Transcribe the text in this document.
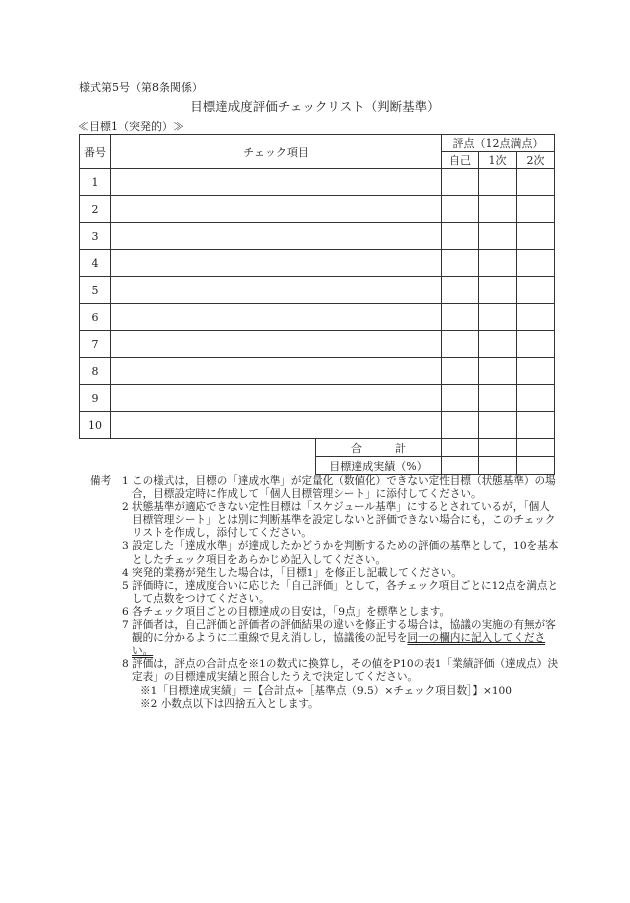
様式第5号（第8条関係）
目標達成度評価チェックリスト（判断基準）
≪目標1（突発的）≫
番号	チェック項目		評点（12点満点）		
			自己	1次	2次
1					
2					
3					
4					
5					
6					
7					
8					
9					
10					
		合　　　計			
		目標達成実績（%）			
備考	1 この様式は，目標の「達成水準」が定量化（数値化）できない定性目標（状態基準）の場合，目標設定時に作成して「個人目標管理シート」に添付してください。
2 状態基準が適応できない定性目標は「スケジュール基準」にするとされているが，「個人目標管理シート」とは別に判断基準を設定しないと評価できない場合にも，このチェックリストを作成し，添付してください。
3 設定した「達成水準」が達成したかどうかを判断するための評価の基準として，10を基本としたチェック項目をあらかじめ記入してください。
4 突発的業務が発生した場合は，「目標1」を修正し記載してください。
5 評価時に，達成度合いに応じた「自己評価」として，各チェック項目ごとに12点を満点として点数をつけてください。
6 各チェック項目ごとの目標達成の目安は，「9点」を標準とします。
7 評価者は，自己評価と評価者の評価結果の違いを修正する場合は，協議の実施の有無が客観的に分かるように二重線で見え消しし，協議後の記号を同一の欄内に記入してください。
8 評価は，評点の合計点を※1の数式に換算し，その値をP10の表1「業績評価（達成点）決定表」の目標達成実績と照合したうえで決定してください。
※1「目標達成実績」＝【合計点÷［基準点（9.5）×チェック項目数］】×100
※2 小数点以下は四捨五入とします。
